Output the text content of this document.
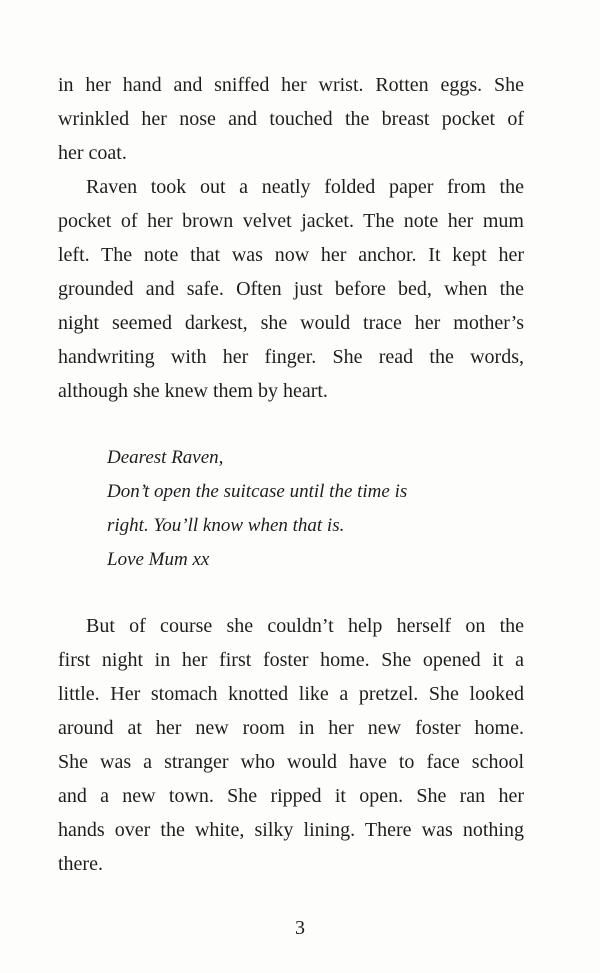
in her hand and sniffed her wrist. Rotten eggs. She
wrinkled her nose and touched the breast pocket of
her coat.
Raven took out a neatly folded paper from the
pocket of her brown velvet jacket. The note her mum
left. The note that was now her anchor. It kept her
grounded and safe. Often just before bed, when the
night seemed darkest, she would trace her mother’s
handwriting with her finger. She read the words,
although she knew them by heart.
Dearest Raven,
Don’t open the suitcase until the time is
right. You’ll know when that is.
Love Mum xx
But of course she couldn’t help herself on the
first night in her first foster home. She opened it a
little. Her stomach knotted like a pretzel. She looked
around at her new room in her new foster home.
She was a stranger who would have to face school
and a new town. She ripped it open. She ran her
hands over the white, silky lining. There was nothing
there.
3
